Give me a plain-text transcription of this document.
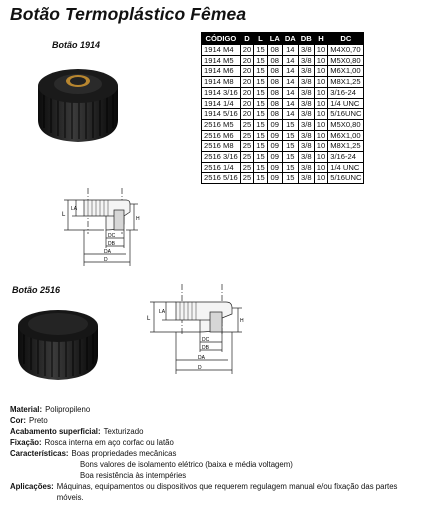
Botão Termoplástico Fêmea
Botão 1914
Botão 2516
CÓDIGO	D	L	LA	DA	DB	H	DC
1914 M4	20	15	08	14	3/8	10	M4X0,70
1914 M5	20	15	08	14	3/8	10	M5X0,80
1914 M6	20	15	08	14	3/8	10	M6X1,00
1914 M8	20	15	08	14	3/8	10	M8X1,25
1914 3/16	20	15	08	14	3/8	10	3/16-24
1914 1/4	20	15	08	14	3/8	10	1/4 UNC
1914 5/16	20	15	08	14	3/8	10	5/16UNC
2516 M5	25	15	09	15	3/8	10	M5X0,80
2516 M6	25	15	09	15	3/8	10	M6X1,00
2516 M8	25	15	09	15	3/8	10	M8X1,25
2516 3/16	25	15	09	15	3/8	10	3/16-24
2516 1/4	25	15	09	15	3/8	10	1/4 UNC
2516 5/16	25	15	09	15	3/8	10	5/16UNC
L
LA
H
DC
DB
DA
D
L
LA
H
DC
DB
DA
D
Material: Polipropileno
Cor: Preto
Acabamento superficial: Texturizado
Fixação: Rosca interna em aço corfac ou latão
Características: Boas propriedades mecânicas
Bons valores de isolamento elétrico (baixa e média voltagem)
Boa resistência às intempéries
Aplicações: Máquinas, equipamentos ou dispositivos que requerem regulagem manual e/ou fixação das partes móveis.
